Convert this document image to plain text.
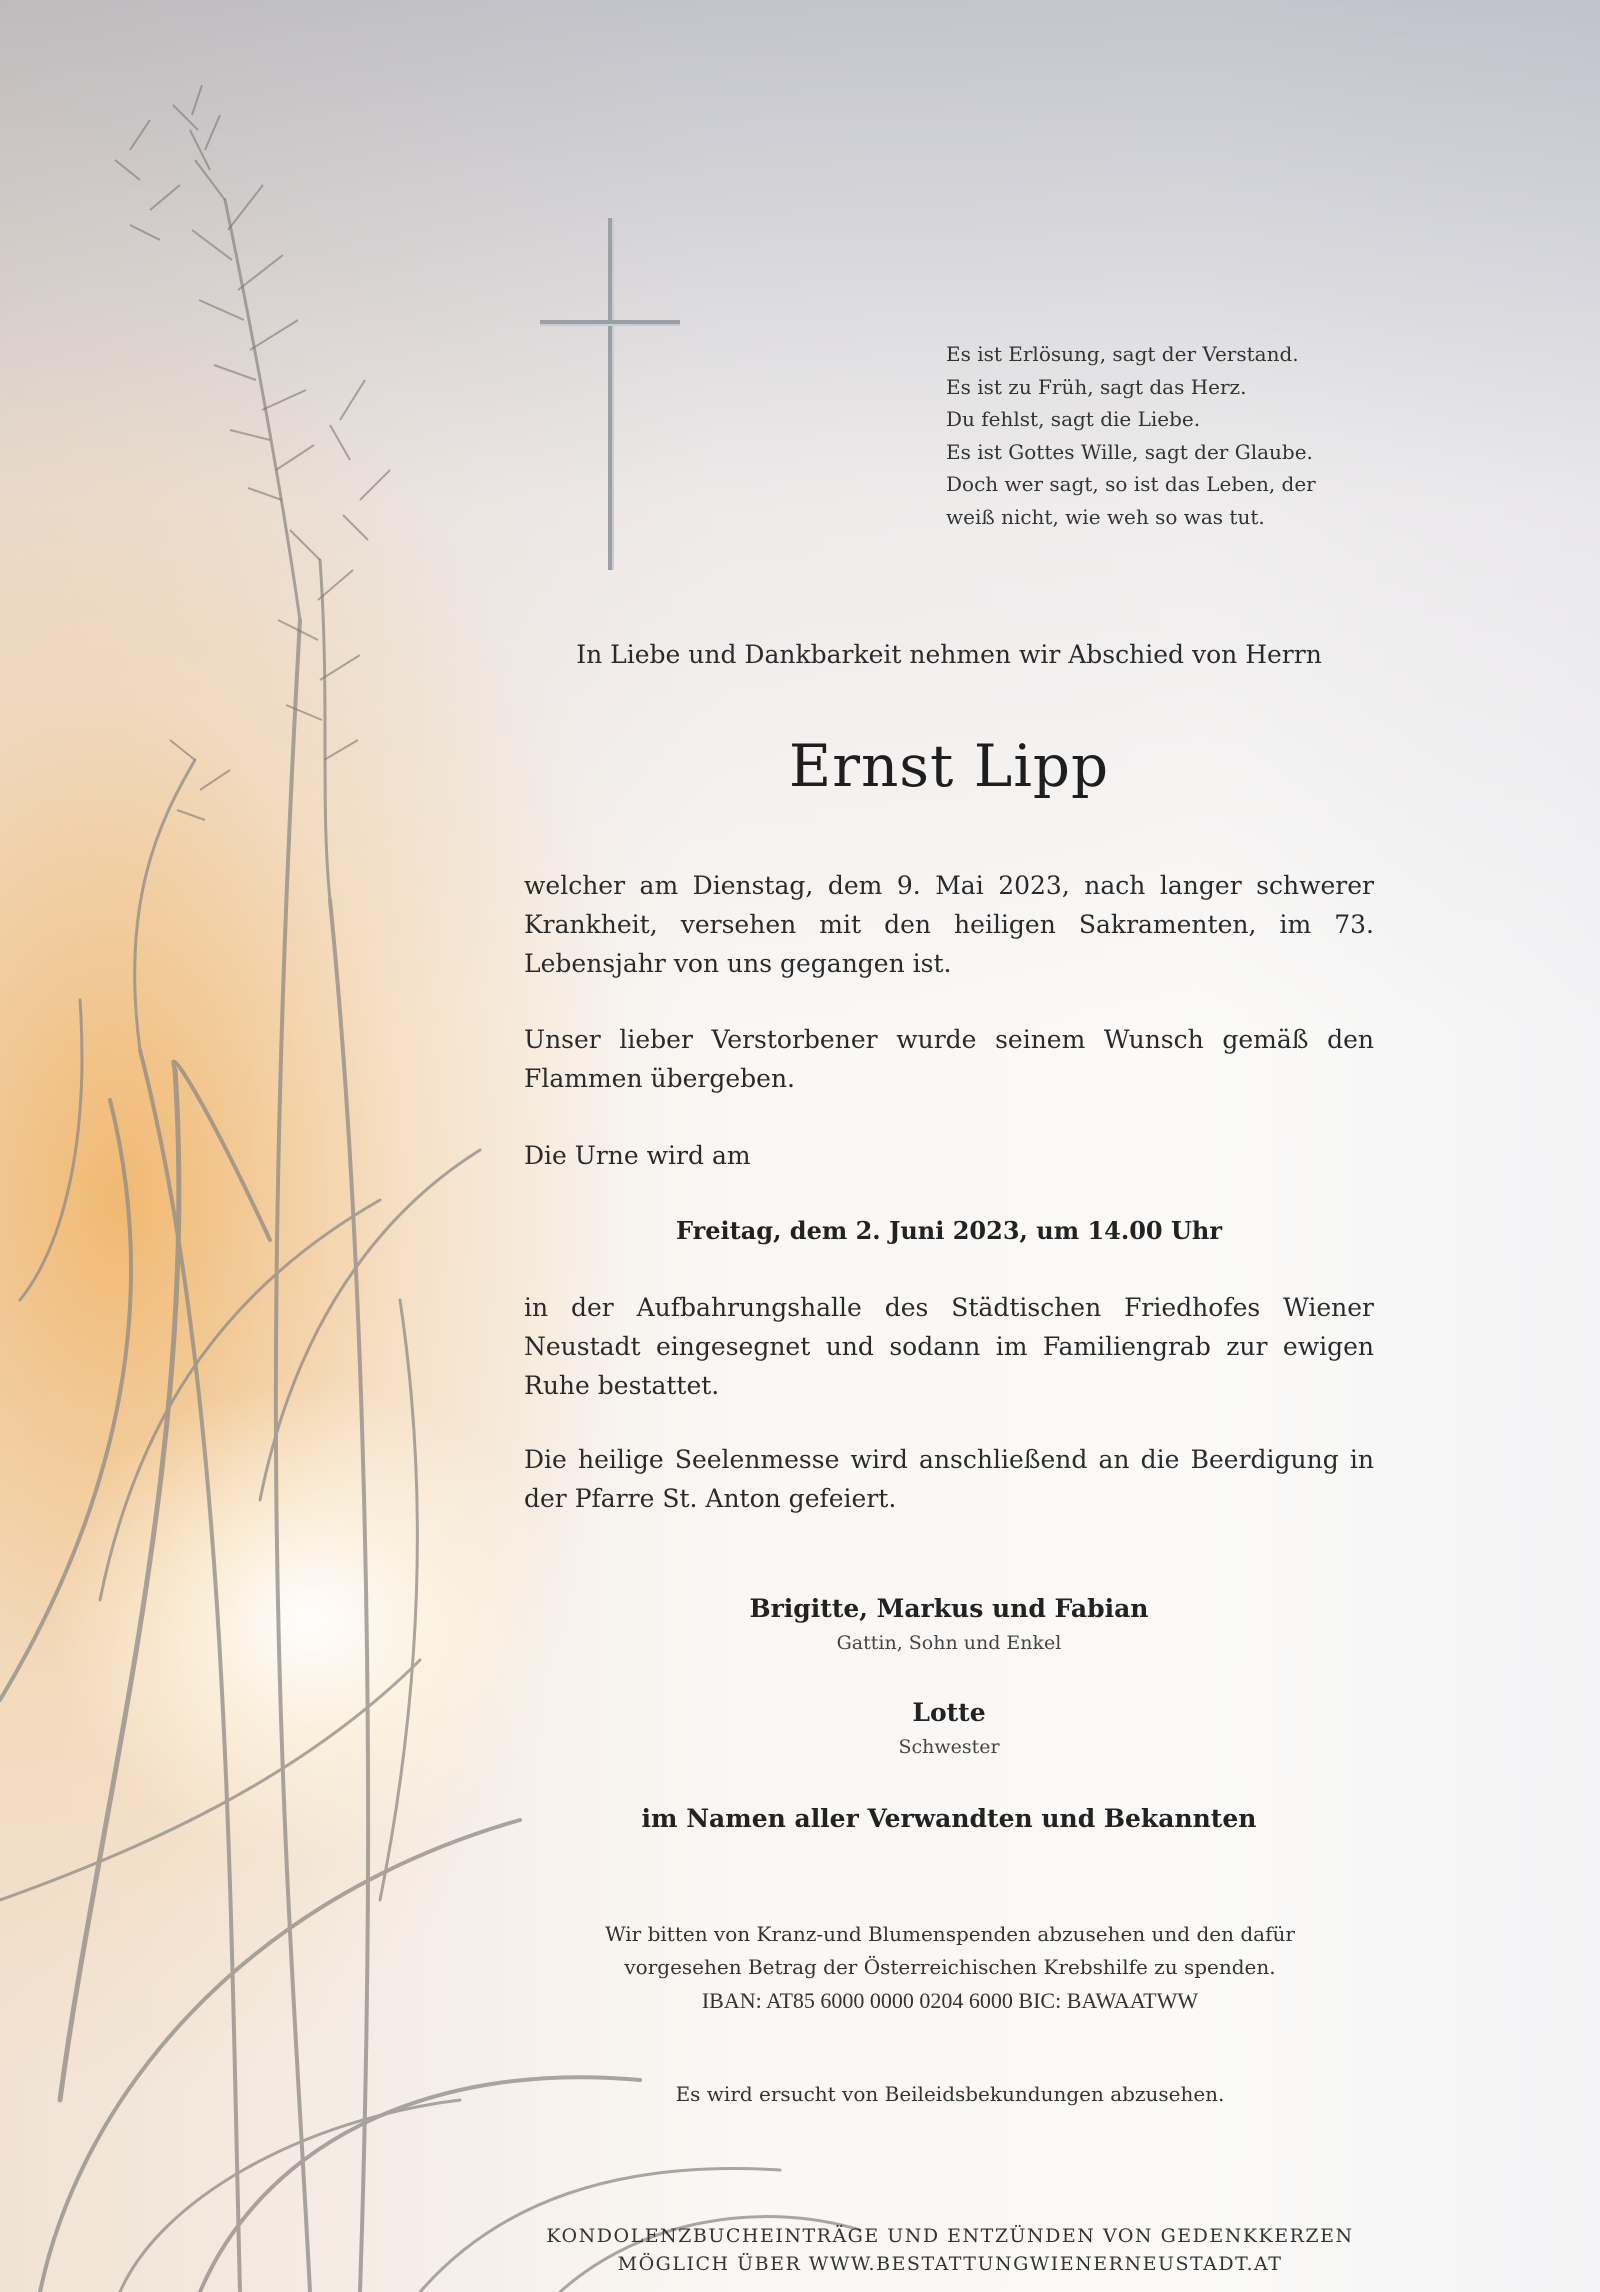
Es ist Erlösung, sagt der Verstand.
Es ist zu Früh, sagt das Herz.
Du fehlst, sagt die Liebe.
Es ist Gottes Wille, sagt der Glaube.
Doch wer sagt, so ist das Leben, der
weiß nicht, wie weh so was tut.
In Liebe und Dankbarkeit nehmen wir Abschied von Herrn
Ernst Lipp
welcher am Dienstag, dem 9. Mai 2023, nach langer schwerer Krankheit, versehen mit den heiligen Sakramenten, im 73. Lebensjahr von uns gegangen ist.
Unser lieber Verstorbener wurde seinem Wunsch gemäß den Flammen übergeben.
Die Urne wird am
Freitag, dem 2. Juni 2023, um 14.00 Uhr
in der Aufbahrungshalle des Städtischen Friedhofes Wiener Neustadt eingesegnet und sodann im Familiengrab zur ewigen Ruhe bestattet.
Die heilige Seelenmesse wird anschließend an die Beerdigung in der Pfarre St. Anton gefeiert.
Brigitte, Markus und Fabian
Gattin, Sohn und Enkel
Lotte
Schwester
im Namen aller Verwandten und Bekannten
Wir bitten von Kranz-und Blumenspenden abzusehen und den dafür
vorgesehen Betrag der Österreichischen Krebshilfe zu spenden.
IBAN: AT85 6000 0000 0204 6000 BIC: BAWAATWW
Es wird ersucht von Beileidsbekundungen abzusehen.
KONDOLENZBUCHEINTRÄGE UND ENTZÜNDEN VON GEDENKKERZEN
MÖGLICH ÜBER WWW.BESTATTUNGWIENERNEUSTADT.AT
